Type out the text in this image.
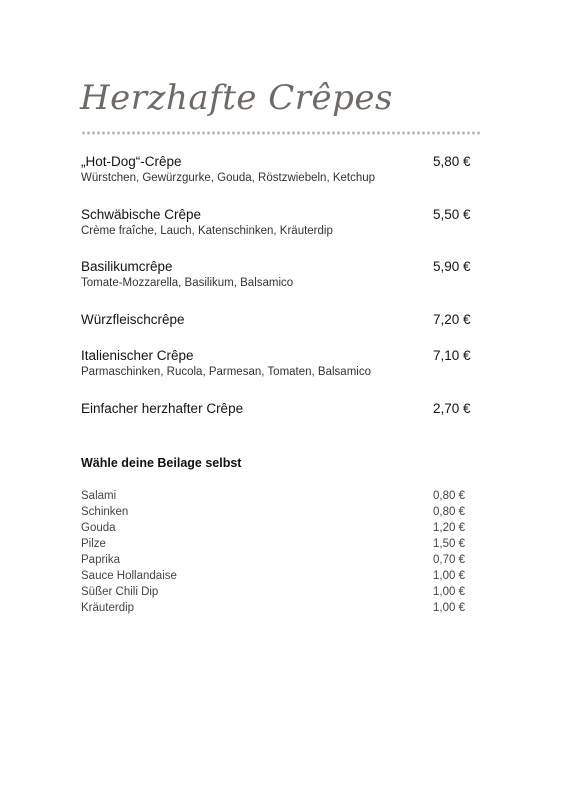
Herzhafte Crêpes
„Hot-Dog“-Crêpe	5,80 €
Würstchen, Gewürzgurke, Gouda, Röstzwiebeln, Ketchup
Schwäbische Crêpe	5,50 €
Crème fraîche, Lauch, Katenschinken, Kräuterdip
Basilikumcrêpe	5,90 €
Tomate-Mozzarella, Basilikum, Balsamico
Würzfleischcrêpe	7,20 €
Italienischer Crêpe	7,10 €
Parmaschinken, Rucola, Parmesan, Tomaten, Balsamico
Einfacher herzhafter Crêpe	2,70 €
Wähle deine Beilage selbst
Salami	0,80 €
Schinken	0,80 €
Gouda	1,20 €
Pilze	1,50 €
Paprika	0,70 €
Sauce Hollandaise	1,00 €
Süßer Chili Dip	1,00 €
Kräuterdip	1,00 €
